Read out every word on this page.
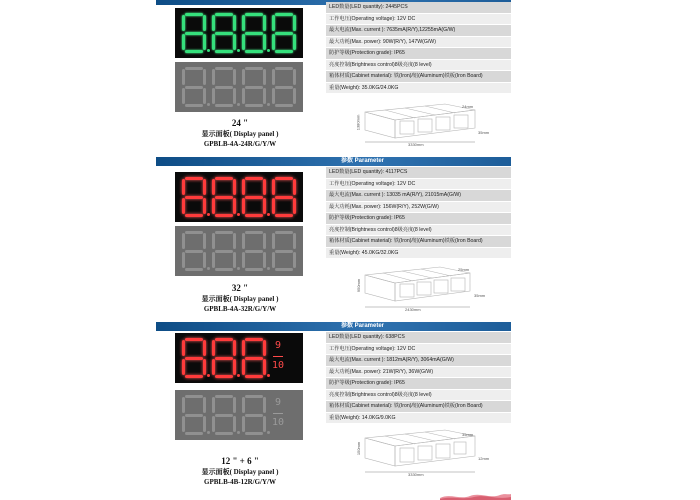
24 "
显示面板( Display panel )
GPBLB-4A-24R/G/Y/W
LED数量(LED quantity): 2445PCS
工作电压(Operating voltage): 12V DC
最大电流(Max. current ): 7635mA(R/Y),12255mA(G/W)
最大功耗(Max. power): 90W(R/Y), 147W(G/W)
防护等级(Protection grade): IP65
亮度控制(Brightness control)8级亮度(8 level)
箱体材质(Cabinet material): 铁(Iron)/铝(Aluminum)铁板(Iron Board)
重量(Weight): 35.0KG/24.0KG
3330mm
1380mm
24mm
35mm
参数 Parameter
32 "
显示面板( Display panel )
GPBLB-4A-32R/G/Y/W
LED数量(LED quantity): 4117PCS
工作电压(Operating voltage): 12V DC
最大电流(Max. current ): 13035 mA(R/Y), 21015mA(G/W)
最大功耗(Max. power): 156W(R/Y), 252W(G/W)
防护等级(Protection grade): IP65
亮度控制(Brightness control)8级亮度(8 level)
箱体材质(Cabinet material): 铁(Iron)/铝(Aluminum)铁板(Iron Board)
重量(Weight): 45.0KG/32.0KG
2430mm
950mm
25mm
35mm
参数 Parameter
$\frac{9}{10}$
$\frac{9}{10}$
12 " + 6 "
显示面板( Display panel )
GPBLB-4B-12R/G/Y/W
LED数量(LED quantity): 638PCS
工作电压(Operating voltage): 12V DC
最大电流(Max. current ): 1812mA(R/Y), 3064mA(G/W)
最大功耗(Max. power): 21W(R/Y), 36W(G/W)
防护等级(Protection grade): IP65
亮度控制(Brightness control)8级亮度(8 level)
箱体材质(Cabinet material): 铁(Iron)/铝(Aluminum)铁板(Iron Board)
重量(Weight): 14.0KG/9.0KG
3330mm
150mm
35mm
12mm
